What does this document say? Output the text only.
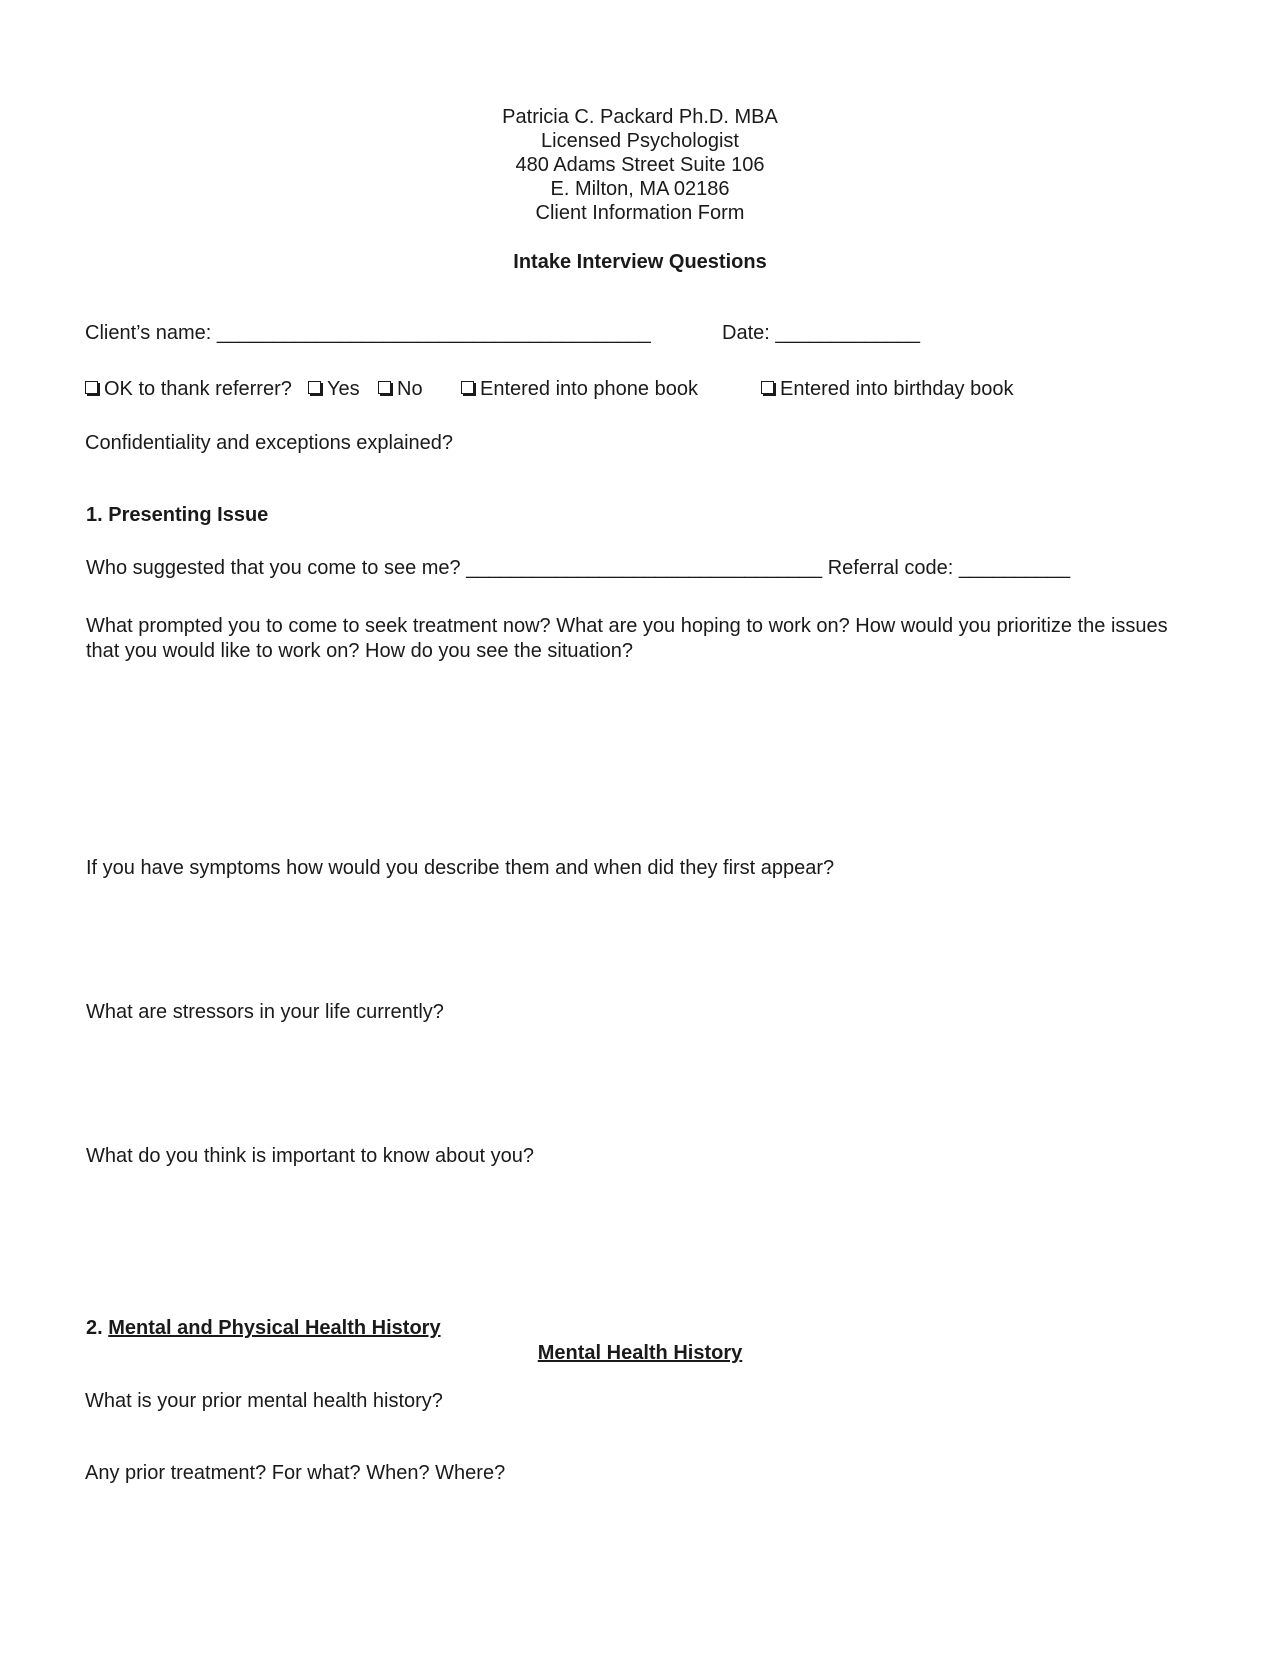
Patricia C. Packard Ph.D. MBA
Licensed Psychologist
480 Adams Street Suite 106
E. Milton, MA 02186
Client Information Form
Intake Interview Questions
Client’s name: _______________________________________	Date: _____________
OK to thank referrer?	Yes	No	Entered into phone book	Entered into birthday book
Confidentiality and exceptions explained?
1. Presenting Issue
Who suggested that you come to see me? ________________________________ Referral code: __________
What prompted you to come to seek treatment now? What are you hoping to work on? How would you prioritize the issues that you would like to work on? How do you see the situation?
If you have symptoms how would you describe them and when did they first appear?
What are stressors in your life currently?
What do you think is important to know about you?
2. Mental and Physical Health History
Mental Health History
What is your prior mental health history?
Any prior treatment? For what? When? Where?
